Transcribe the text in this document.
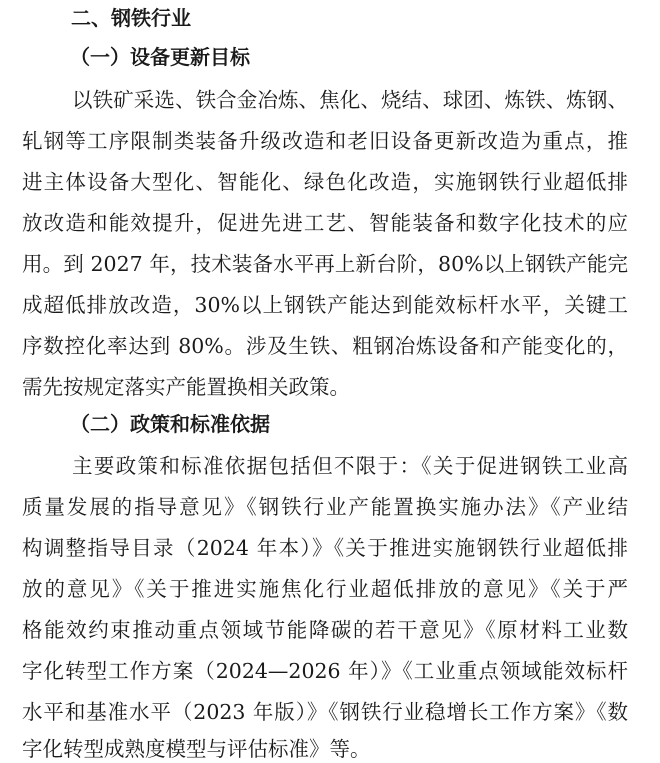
二、钢铁行业
（一）设备更新目标
以铁矿采选、铁合金冶炼、焦化、烧结、球团、炼铁、炼钢、
轧钢等工序限制类装备升级改造和老旧设备更新改造为重点，推
进主体设备大型化、智能化、绿色化改造，实施钢铁行业超低排
放改造和能效提升，促进先进工艺、智能装备和数字化技术的应
用。到 2027 年，技术装备水平再上新台阶，80%以上钢铁产能完
成超低排放改造，30%以上钢铁产能达到能效标杆水平，关键工
序数控化率达到 80%。涉及生铁、粗钢冶炼设备和产能变化的，
需先按规定落实产能置换相关政策。
（二）政策和标准依据
主要政策和标准依据包括但不限于：《关于促进钢铁工业高
质量发展的指导意见》《钢铁行业产能置换实施办法》《产业结
构调整指导目录（2024 年本）》《关于推进实施钢铁行业超低排
放的意见》《关于推进实施焦化行业超低排放的意见》《关于严
格能效约束推动重点领域节能降碳的若干意见》《原材料工业数
字化转型工作方案（2024—2026 年）》《工业重点领域能效标杆
水平和基准水平（2023 年版）》《钢铁行业稳增长工作方案》《数
字化转型成熟度模型与评估标准》等。
